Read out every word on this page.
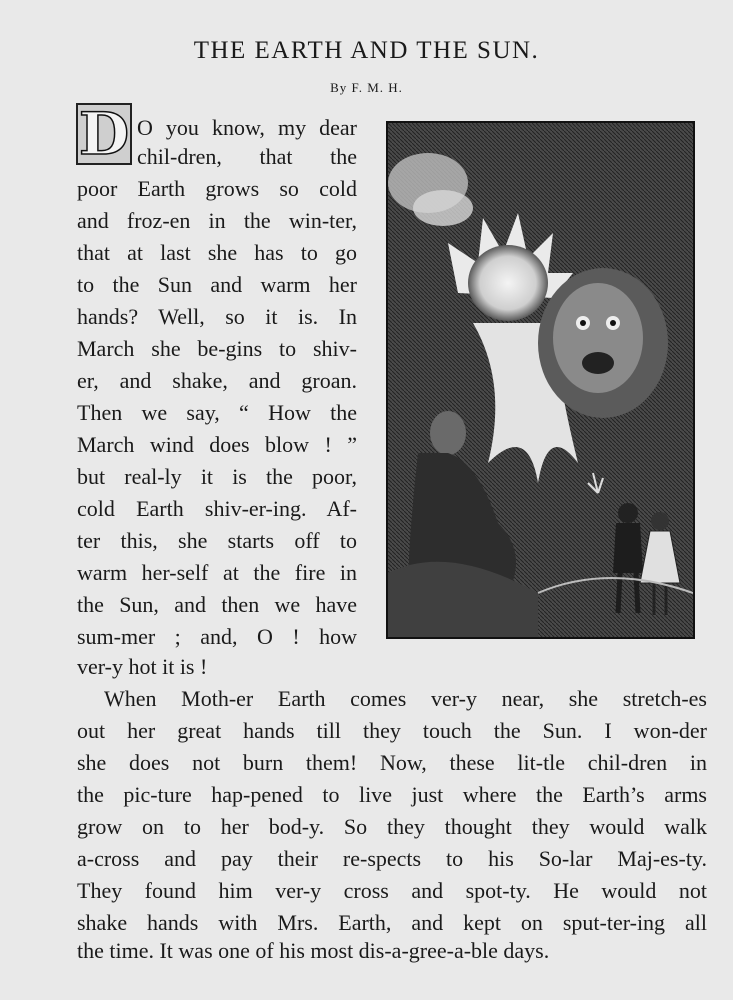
THE EARTH AND THE SUN.
By F. M. H.
D O you know, my dear
chil-dren, that the
poor Earth grows so cold
and froz-en in the win-ter,
that at last she has to go
to the Sun and warm her
hands? Well, so it is. In
March she be-gins to shiv-
er, and shake, and groan.
Then we say, “ How the
March wind does blow ! ”
but real-ly it is the poor,
cold Earth shiv-er-ing. Af-
ter this, she starts off to
warm her-self at the fire in
the Sun, and then we have
sum-mer ; and, O ! how
ver-y hot it is !
When Moth-er Earth comes ver-y near, she stretch-es
out her great hands till they touch the Sun. I won-der
she does not burn them! Now, these lit-tle chil-dren in
the pic-ture hap-pened to live just where the Earth’s arms
grow on to her bod-y. So they thought they would walk
a-cross and pay their re-spects to his So-lar Maj-es-ty.
They found him ver-y cross and spot-ty. He would not
shake hands with Mrs. Earth, and kept on sput-ter-ing all
the time. It was one of his most dis-a-gree-a-ble days.
